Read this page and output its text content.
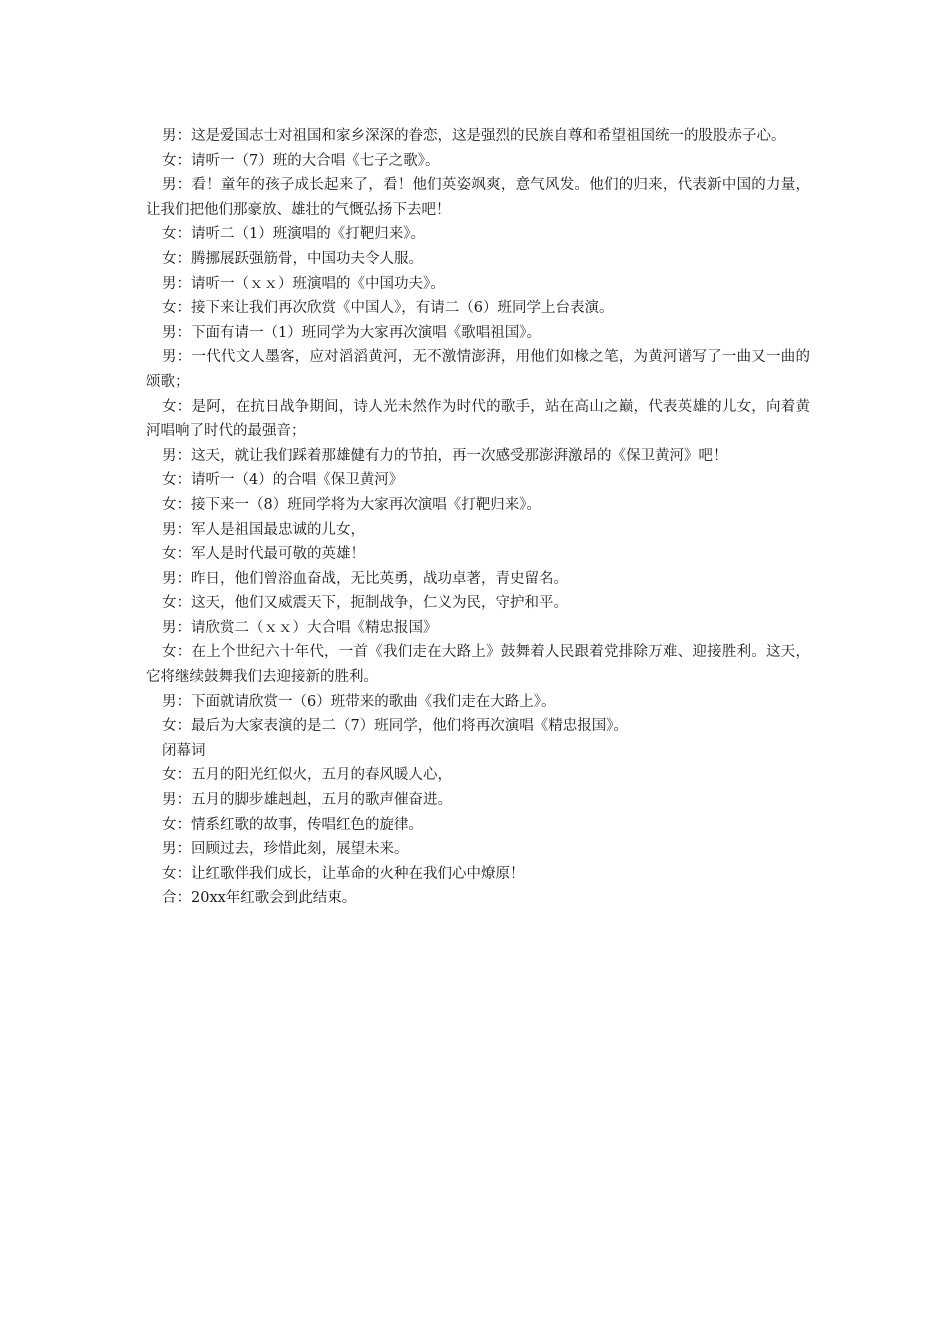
男：这是爱国志士对祖国和家乡深深的眷恋，这是强烈的民族自尊和希望祖国统一的股股赤子心。

女：请听一（7）班的大合唱《七子之歌》。

男：看！童年的孩子成长起来了，看！他们英姿飒爽，意气风发。他们的归来，代表新中国的力量，让我们把他们那豪放、雄壮的气慨弘扬下去吧！

女：请听二（1）班演唱的《打靶归来》。

女：腾挪展跃强筋骨，中国功夫令人服。

男：请听一（ｘｘ）班演唱的《中国功夫》。

女：接下来让我们再次欣赏《中国人》，有请二（6）班同学上台表演。

男：下面有请一（1）班同学为大家再次演唱《歌唱祖国》。

男：一代代文人墨客，应对滔滔黄河，无不激情澎湃，用他们如椽之笔，为黄河谱写了一曲又一曲的颂歌；

女：是阿，在抗日战争期间，诗人光未然作为时代的歌手，站在高山之巅，代表英雄的儿女，向着黄河唱响了时代的最强音；

男：这天，就让我们踩着那雄健有力的节拍，再一次感受那澎湃激昂的《保卫黄河》吧！

女：请听一（4）的合唱《保卫黄河》

女：接下来一（8）班同学将为大家再次演唱《打靶归来》。

男：军人是祖国最忠诚的儿女，

女：军人是时代最可敬的英雄！

男：昨日，他们曾浴血奋战，无比英勇，战功卓著，青史留名。

女：这天，他们又威震天下，扼制战争，仁义为民，守护和平。

男：请欣赏二（ｘｘ）大合唱《精忠报国》

女：在上个世纪六十年代，一首《我们走在大路上》鼓舞着人民跟着党排除万难、迎接胜利。这天，它将继续鼓舞我们去迎接新的胜利。

男：下面就请欣赏一（6）班带来的歌曲《我们走在大路上》。

女：最后为大家表演的是二（7）班同学，他们将再次演唱《精忠报国》。

闭幕词

女：五月的阳光红似火，五月的春风暖人心，

男：五月的脚步雄赳赳，五月的歌声催奋进。

女：情系红歌的故事，传唱红色的旋律。

男：回顾过去，珍惜此刻，展望未来。

女：让红歌伴我们成长，让革命的火种在我们心中燎原！

合：20xx年红歌会到此结束。
